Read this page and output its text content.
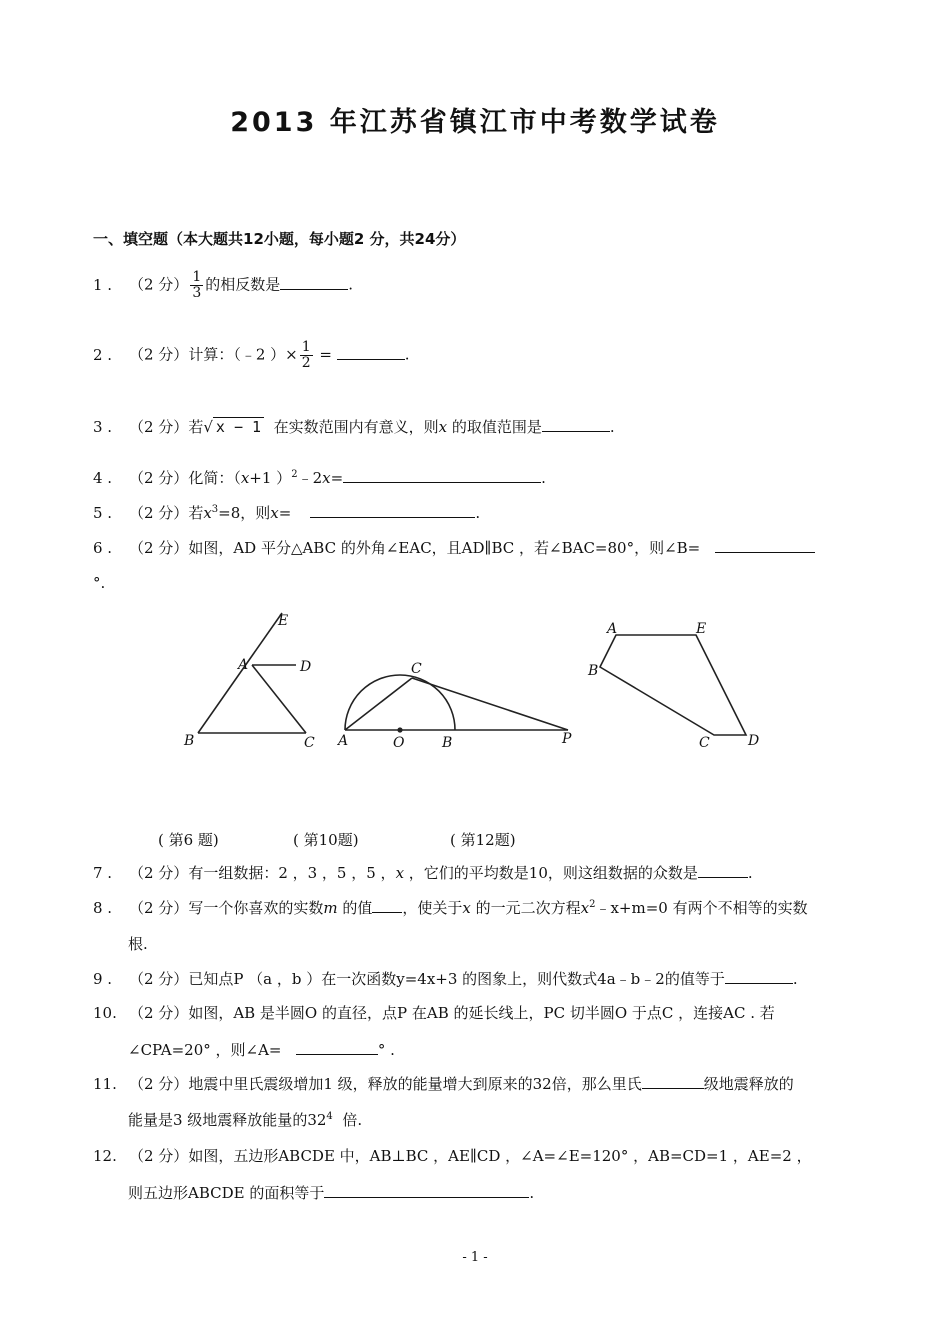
2013 年江苏省镇江市中考数学试卷
一、填空题（本大题共12小题，每小题2 分，共24分）
1 . （2 分） $\frac{1}{3}$ 的相反数是	.
2 . （2 分）计算：（﹣2 ）× $\frac{1}{2}$ =	.
3 . （2 分）若√ x − 1 在实数范围内有意义，则x 的取值范围是	.
4 . （2 分）化简：（x+1 ）$^2$﹣2x=	.
5 . （2 分）若$x^3=8$，则x=	.
6 . （2 分）如图，AD 平分△ABC 的外角∠EAC，且AD∥BC ，若∠BAC=80°，则∠B=
°.
E
A	D
B	C
C
A	O	B	P
A	E
B
C	D
( 第6 题)	( 第10题)	( 第12题)
7 . （2 分）有一组数据：2 ，3 ，5 ，5 ，x ，它们的平均数是10，则这组数据的众数是	.
8 . （2 分）写一个你喜欢的实数m 的值 ，使关于x 的一元二次方程$x^2﹣x+m=0$ 有两个不相等的实数
根.
9 . （2 分）已知点P （a ，b ）在一次函数y=4x+3 的图象上，则代数式4a﹣b﹣2的值等于	.
10. （2 分）如图，AB 是半圆O 的直径，点P 在AB 的延长线上，PC 切半圆O 于点C ，连接AC . 若
∠CPA=20° ，则∠A=	° .
11. （2 分）地震中里氏震级增加1 级，释放的能量增大到原来的32倍，那么里氏	级地震释放的
能量是3 级地震释放能量的$32^4$ 倍.
12. （2 分）如图，五边形ABCDE 中，AB⊥BC ，AE∥CD ，∠A=∠E=120° ，AB=CD=1 ，AE=2 ，
则五边形ABCDE 的面积等于	.
- 1 -
